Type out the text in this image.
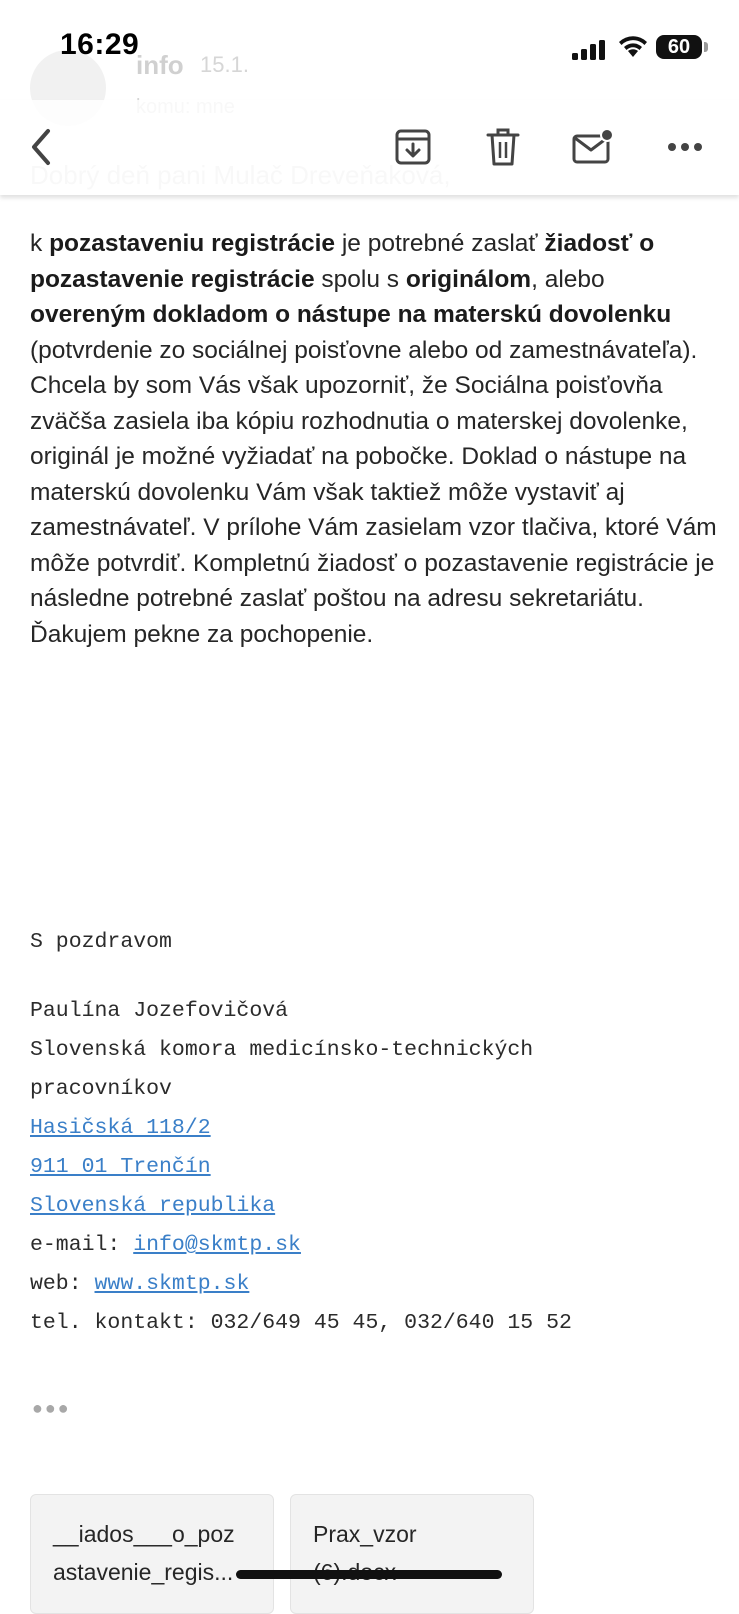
16:29	60
info 15.1.
k pozastaveniu registrácie je potrebné zaslať žiadosť o pozastavenie registrácie spolu s originálom, alebo overeným dokladom o nástupe na materskú dovolenku (potvrdenie zo sociálnej poisťovne alebo od zamestnávateľa). Chcela by som Vás však upozorniť, že Sociálna poisťovňa zväčša zasiela iba kópiu rozhodnutia o materskej dovolenke, originál je možné vyžiadať na pobočke. Doklad o nástupe na materskú dovolenku Vám však taktiež môže vystaviť aj zamestnávateľ. V prílohe Vám zasielam vzor tlačiva, ktoré Vám môže potvrdiť. Kompletnú žiadosť o pozastavenie registrácie je následne potrebné zaslať poštou na adresu sekretariátu.
Ďakujem pekne za pochopenie.
S pozdravom
Paulína Jozefovičová
Slovenská komora medicínsko-technických
pracovníkov
Hasičská 118/2
911 01 Trenčín
Slovenská republika
e-mail: info@skmtp.sk
web: www.skmtp.sk
tel. kontakt: 032/649 45 45, 032/640 15 52
●●●
__iados___o_poz
astavenie_regis...
Prax_vzor
